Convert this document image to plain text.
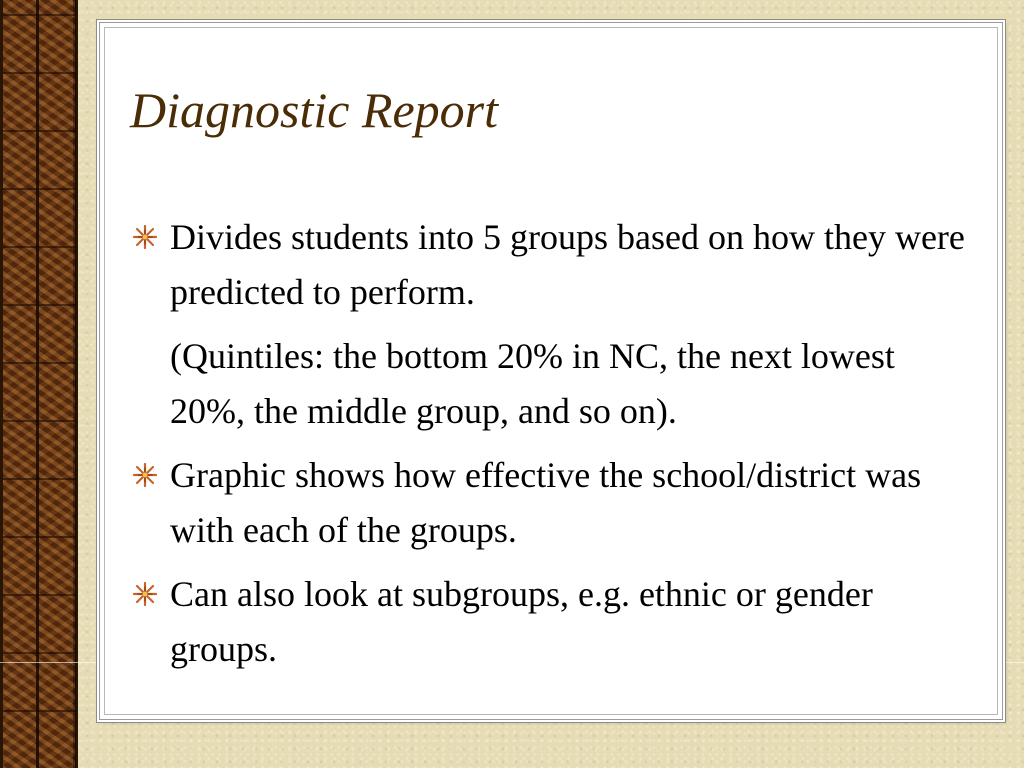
Diagnostic Report
Divides students into 5 groups based on how they were predicted to perform.
(Quintiles: the bottom 20% in NC, the next lowest 20%, the middle group, and so on).
Graphic shows how effective the school/district was with each of the groups.
Can also look at subgroups, e.g. ethnic or gender groups.
